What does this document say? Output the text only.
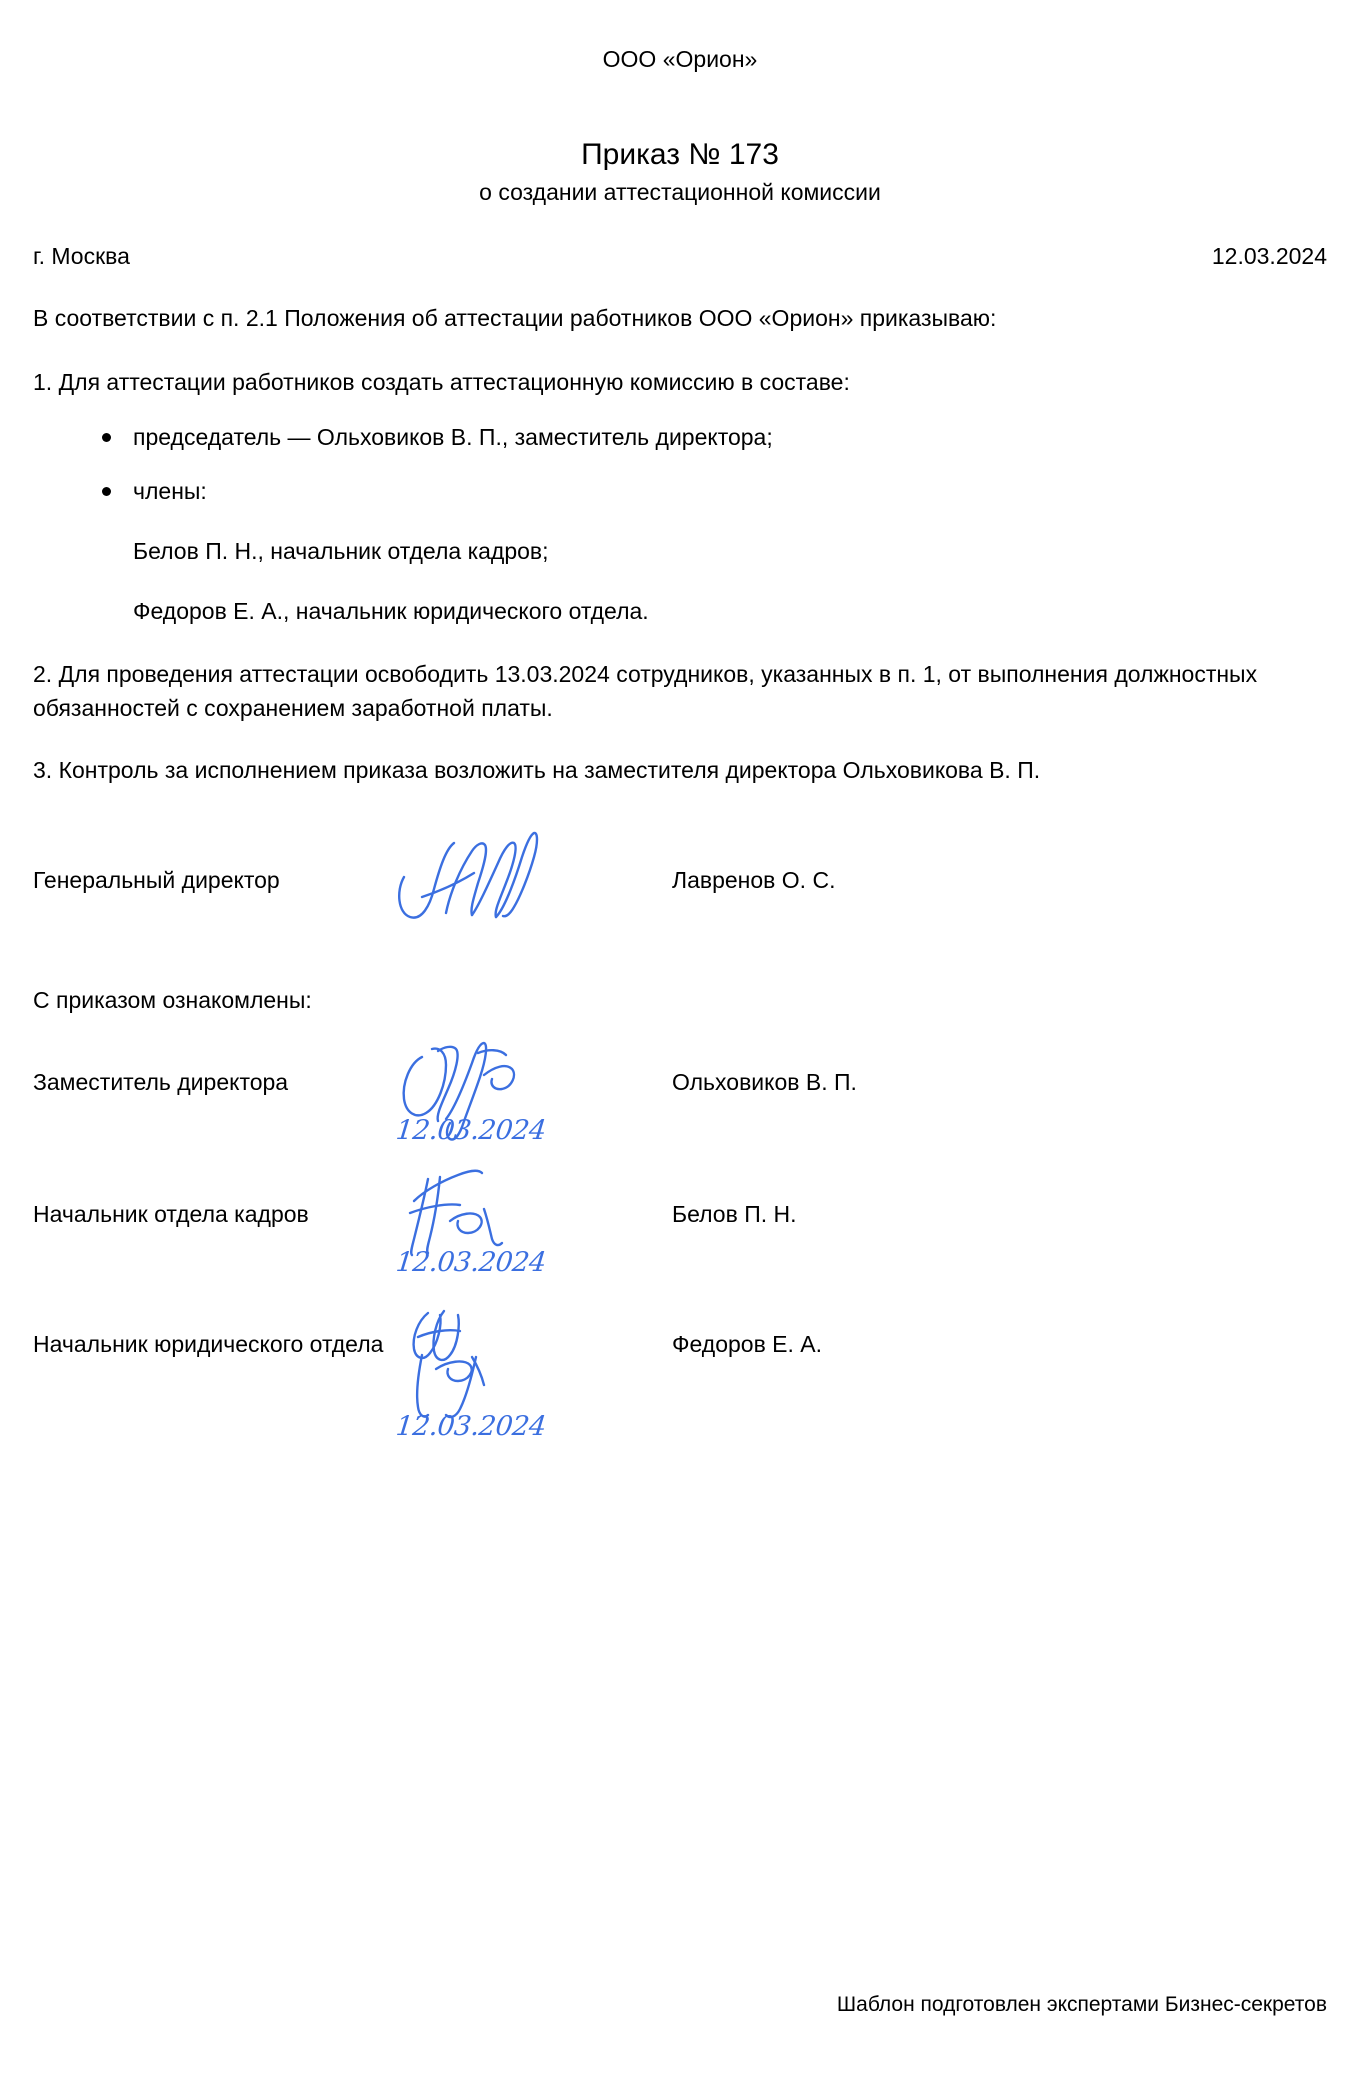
ООО «Орион»
Приказ № 173
о создании аттестационной комиссии
г. Москва	12.03.2024
В соответствии с п. 2.1 Положения об аттестации работников ООО «Орион» приказываю:
1. Для аттестации работников создать аттестационную комиссию в составе:
председатель — Ольховиков В. П., заместитель директора;
члены:
Белов П. Н., начальник отдела кадров;
Федоров Е. А., начальник юридического отдела.
2. Для проведения аттестации освободить 13.03.2024 сотрудников, указанных в п. 1, от выполнения должностных обязанностей с сохранением заработной платы.
3. Контроль за исполнением приказа возложить на заместителя директора Ольховикова В. П.
Генеральный директор	Лавренов О. С.
С приказом ознакомлены:
Заместитель директора
12.03.2024
Ольховиков В. П.
Начальник отдела кадров
12.03.2024
Белов П. Н.
Начальник юридического отдела
12.03.2024
Федоров Е. А.
Шаблон подготовлен экспертами Бизнес-секретов
